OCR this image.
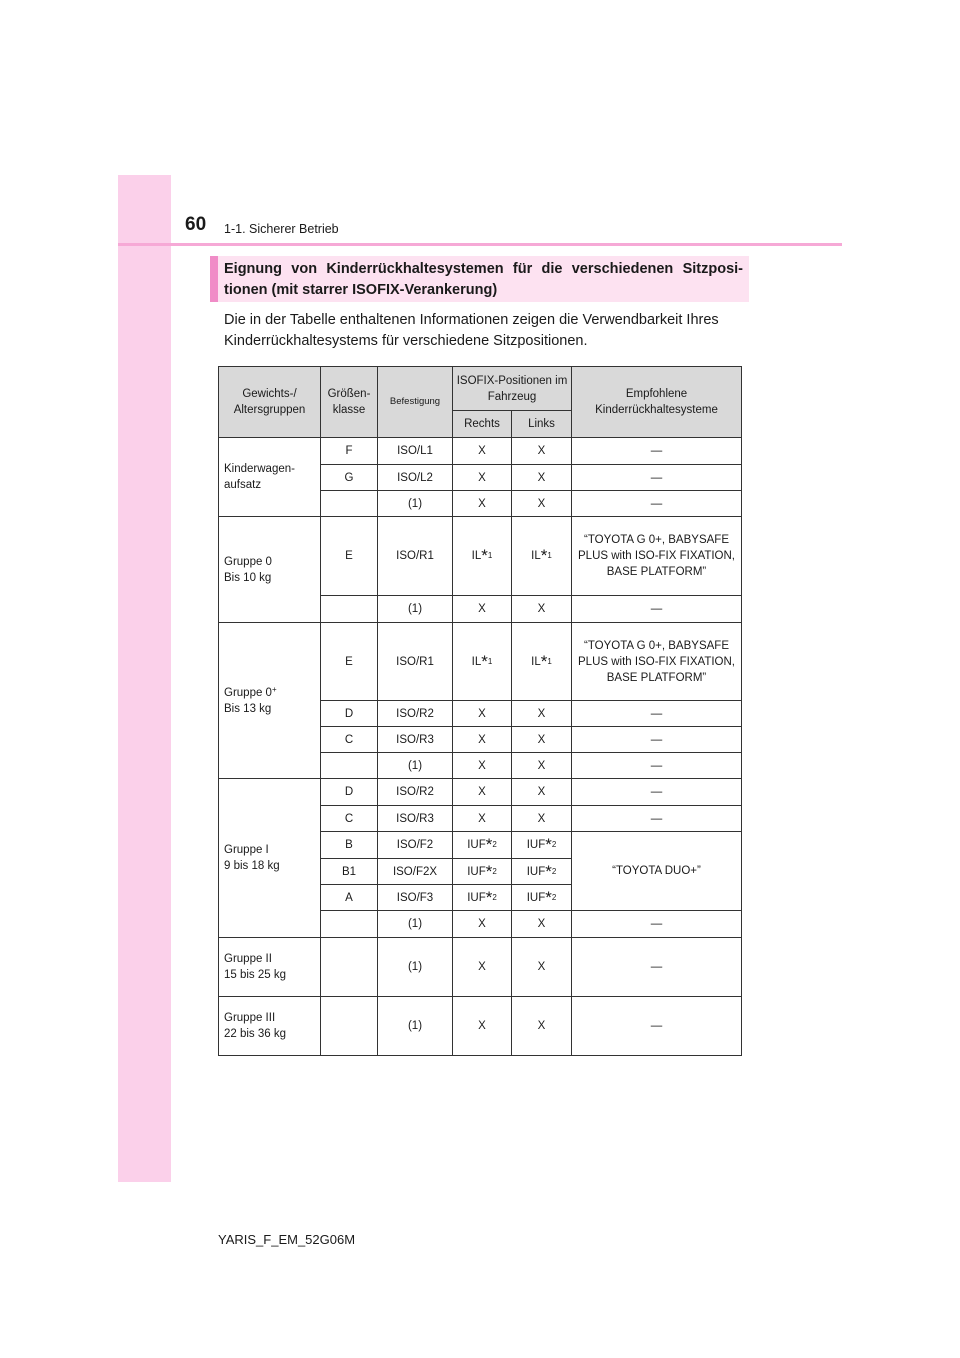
60 1-1. Sicherer Betrieb
Eignung von Kinderrückhaltesystemen für die verschiedenen Sitzposi-tionen (mit starrer ISOFIX-Verankerung)
Die in der Tabelle enthaltenen Informationen zeigen die Verwendbarkeit Ihres Kinderrückhaltesystems für verschiedene Sitzpositionen.
Gewichts-/ Altersgruppen	Größen-klasse	Befestigung	ISOFIX-Positionen im Fahrzeug		Empfohlene Kinderrückhaltesysteme
			Rechts	Links	
Kinderwagen-aufsatz	F	ISO/L1	X	X	—
	G	ISO/L2	X	X	—
		(1)	X	X	—
Gruppe 0
Bis 10 kg	E	ISO/R1	IL*$^1$	IL*$^1$	“TOYOTA G 0+, BABYSAFE PLUS with ISO-FIX FIXATION, BASE PLATFORM”
		(1)	X	X	—
Gruppe 0+
Bis 13 kg	E	ISO/R1	IL*$^1$	IL*$^1$	“TOYOTA G 0+, BABYSAFE PLUS with ISO-FIX FIXATION, BASE PLATFORM”
	D	ISO/R2	X	X	—
	C	ISO/R3	X	X	—
		(1)	X	X	—
Gruppe I
9 bis 18 kg	D	ISO/R2	X	X	—
	C	ISO/R3	X	X	—
	B	ISO/F2	IUF*$^2$	IUF*$^2$	“TOYOTA DUO+”
	B1	ISO/F2X	IUF*$^2$	IUF*$^2$
	A	ISO/F3	IUF*$^2$	IUF*$^2$
		(1)	X	X	—
Gruppe II
15 bis 25 kg		(1)	X	X	—
Gruppe III
22 bis 36 kg		(1)	X	X	—
YARIS_F_EM_52G06M
